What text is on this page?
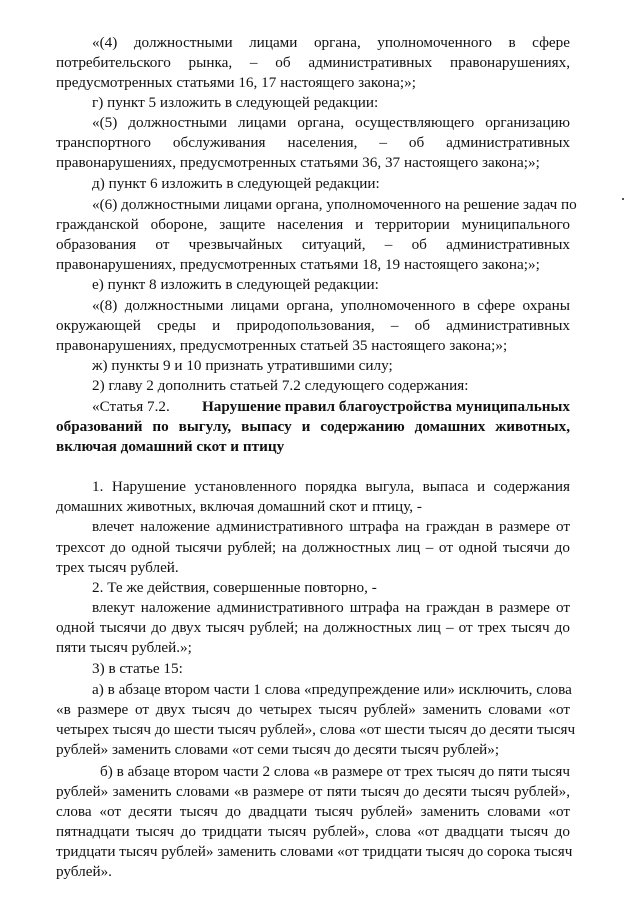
«(4) должностными лицами органа, уполномоченного в сфере
потребительского рынка, – об административных правонарушениях,
предусмотренных статьями 16, 17 настоящего закона;»;
г) пункт 5 изложить в следующей редакции:
«(5) должностными лицами органа, осуществляющего организацию
транспортного обслуживания населения, – об административных
правонарушениях, предусмотренных статьями 36, 37 настоящего закона;»;
д) пункт 6 изложить в следующей редакции:
«(6) должностными лицами органа, уполномоченного на решение задач по
гражданской обороне, защите населения и территории муниципального
образования от чрезвычайных ситуаций, – об административных
правонарушениях, предусмотренных статьями 18, 19 настоящего закона;»;
е) пункт 8 изложить в следующей редакции:
«(8) должностными лицами органа, уполномоченного в сфере охраны
окружающей среды и природопользования, – об административных
правонарушениях, предусмотренных статьей 35 настоящего закона;»;
ж) пункты 9 и 10 признать утратившими силу;
2) главу 2 дополнить статьей 7.2 следующего содержания:
«Статья 7.2. Нарушение правил благоустройства муниципальных
образований по выгулу, выпасу и содержанию домашних животных,
включая домашний скот и птицу
1. Нарушение установленного порядка выгула, выпаса и содержания
домашних животных, включая домашний скот и птицу, -
влечет наложение административного штрафа на граждан в размере от
трехсот до одной тысячи рублей; на должностных лиц – от одной тысячи до
трех тысяч рублей.
2. Те же действия, совершенные повторно, -
влекут наложение административного штрафа на граждан в размере от
одной тысячи до двух тысяч рублей; на должностных лиц – от трех тысяч до
пяти тысяч рублей.»;
3) в статье 15:
а) в абзаце втором части 1 слова «предупреждение или» исключить, слова
«в размере от двух тысяч до четырех тысяч рублей» заменить словами «от
четырех тысяч до шести тысяч рублей», слова «от шести тысяч до десяти тысяч
рублей» заменить словами «от семи тысяч до десяти тысяч рублей»;
б) в абзаце втором части 2 слова «в размере от трех тысяч до пяти тысяч
рублей» заменить словами «в размере от пяти тысяч до десяти тысяч рублей»,
слова «от десяти тысяч до двадцати тысяч рублей» заменить словами «от
пятнадцати тысяч до тридцати тысяч рублей», слова «от двадцати тысяч до
тридцати тысяч рублей» заменить словами «от тридцати тысяч до сорока тысяч
рублей».
